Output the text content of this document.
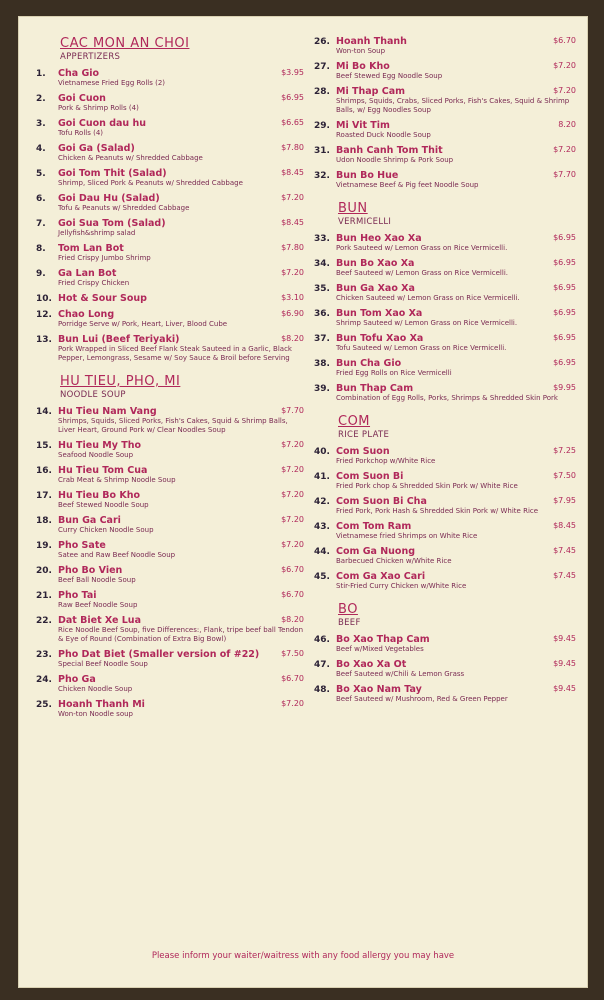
CAC MON AN CHOI
APPERTIZERS
1.	Cha Gio	$3.95
Vietnamese Fried Egg Rolls (2)
2.	Goi Cuon	$6.95
Pork & Shrimp Rolls (4)
3.	Goi Cuon dau hu	$6.65
Tofu Rolls (4)
4.	Goi Ga (Salad)	$7.80
Chicken & Peanuts w/ Shredded Cabbage
5.	Goi Tom Thit (Salad)	$8.45
Shrimp, Sliced Pork & Peanuts w/ Shredded Cabbage
6.	Goi Dau Hu (Salad)	$7.20
Tofu & Peanuts w/ Shredded Cabbage
7.	Goi Sua Tom (Salad)	$8.45
Jellyfish&shrimp salad
8.	Tom Lan Bot	$7.80
Fried Crispy Jumbo Shrimp
9.	Ga Lan Bot	$7.20
Fried Crispy Chicken
10. Hot & Sour Soup	$3.10
12. Chao Long	$6.90
Porridge Serve w/ Pork, Heart, Liver, Blood Cube
13. Bun Lui (Beef Teriyaki)	$8.20
Pork Wrapped in Sliced Beef Flank Steak Sauteed in a Garlic, Black Pepper, Lemongrass, Sesame w/ Soy Sauce & Broil before Serving
HU TIEU, PHO, MI
NOODLE SOUP
14. Hu Tieu Nam Vang	$7.70
Shrimps, Squids, Sliced Porks, Fish's Cakes, Squid & Shrimp Balls, Liver Heart, Ground Pork w/ Clear Noodles Soup
15. Hu Tieu My Tho	$7.20
Seafood Noodle Soup
16. Hu Tieu Tom Cua	$7.20
Crab Meat & Shrimp Noodle Soup
17. Hu Tieu Bo Kho	$7.20
Beef Stewed Noodle Soup
18. Bun Ga Cari	$7.20
Curry Chicken Noodle Soup
19. Pho Sate	$7.20
Satee and Raw Beef Noodle Soup
20. Pho Bo Vien	$6.70
Beef Ball Noodle Soup
21. Pho Tai	$6.70
Raw Beef Noodle Soup
22. Dat Biet Xe Lua	$8.20
Rice Noodle Beef Soup, five Differences:, Flank, tripe beef ball Tendon & Eye of Round (Combination of Extra Big Bowl)
23. Pho Dat Biet (Smaller version of #22)	$7.50
Special Beef Noodle Soup
24. Pho Ga	$6.70
Chicken Noodle Soup
25. Hoanh Thanh Mi	$7.20
Won-ton Noodle soup
26. Hoanh Thanh	$6.70
Won-ton Soup
27. Mi Bo Kho	$7.20
Beef Stewed Egg Noodle Soup
28. Mi Thap Cam	$7.20
Shrimps, Squids, Crabs, Sliced Porks, Fish's Cakes, Squid & Shrimp Balls, w/ Egg Noodles Soup
29. Mi Vit Tim	8.20
Roasted Duck Noodle Soup
31. Banh Canh Tom Thit	$7.20
Udon Noodle Shrimp & Pork Soup
32. Bun Bo Hue	$7.70
Vietnamese Beef & Pig feet Noodle Soup
BUN
VERMICELLI
33. Bun Heo Xao Xa	$6.95
Pork Sauteed w/ Lemon Grass on Rice Vermicelli.
34. Bun Bo Xao Xa	$6.95
Beef Sauteed w/ Lemon Grass on Rice Vermicelli.
35. Bun Ga Xao Xa	$6.95
Chicken Sauteed w/ Lemon Grass on Rice Vermicelli.
36. Bun Tom Xao Xa	$6.95
Shrimp Sauteed w/ Lemon Grass on Rice Vermicelli.
37. Bun Tofu Xao Xa	$6.95
Tofu Sauteed w/ Lemon Grass on Rice Vermicelli.
38. Bun Cha Gio	$6.95
Fried Egg Rolls on Rice Vermicelli
39. Bun Thap Cam	$9.95
Combination of Egg Rolls, Porks, Shrimps & Shredded Skin Pork
COM
RICE PLATE
40. Com Suon	$7.25
Fried Porkchop w/White Rice
41. Com Suon Bi	$7.50
Fried Pork chop & Shredded Skin Pork w/ White Rice
42. Com Suon Bi Cha	$7.95
Fried Pork, Pork Hash & Shredded Skin Pork w/ White Rice
43. Com Tom Ram	$8.45
Vietnamese fried Shrimps on White Rice
44. Com Ga Nuong	$7.45
Barbecued Chicken w/White Rice
45. Com Ga Xao Cari	$7.45
Stir-Fried Curry Chicken w/White Rice
BO
BEEF
46. Bo Xao Thap Cam	$9.45
Beef w/Mixed Vegetables
47. Bo Xao Xa Ot	$9.45
Beef Sauteed w/Chili & Lemon Grass
48. Bo Xao Nam Tay	$9.45
Beef Sauteed w/ Mushroom, Red & Green Pepper
Please inform your waiter/waitress with any food allergy you may have
